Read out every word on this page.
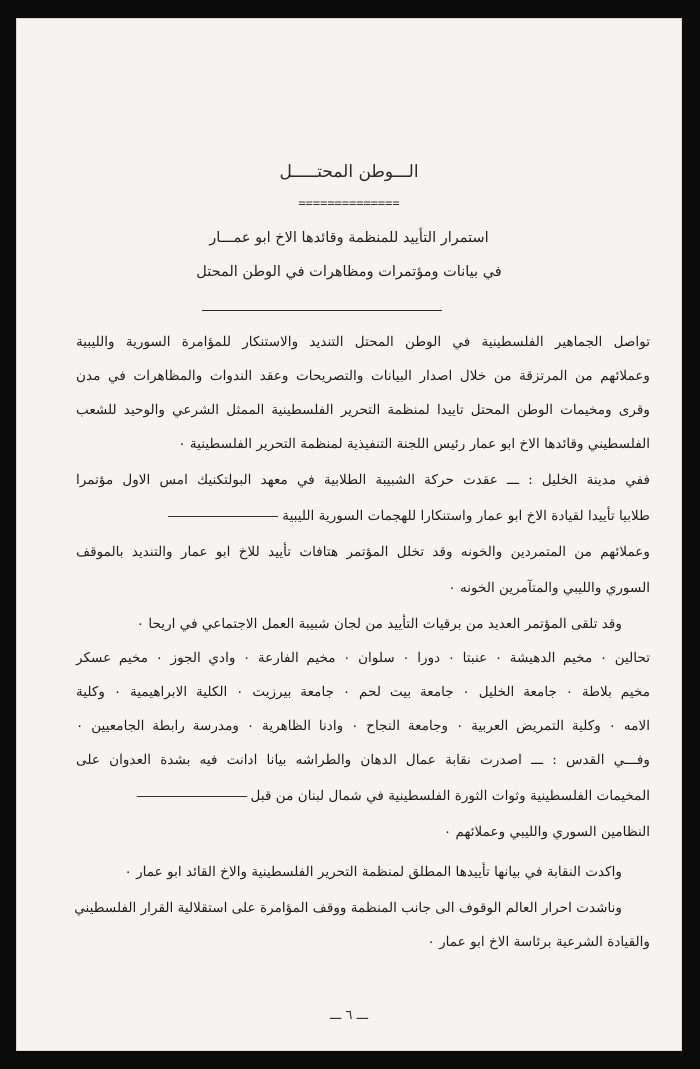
الـــوطن المحتـــــل
==============
استمرار التأييد للمنظمة وقائدها الاخ ابو عمـــار
في بيانات ومؤتمرات ومظاهرات في الوطن المحتل
تواصل الجماهير الفلسطينية في الوطن المحتل التنديد والاستنكار للمؤامرة السورية والليبية
وعملائهم من المرتزقة من خلال اصدار البيانات والتصريحات وعقد الندوات والمظاهرات في مدن
وقرى ومخيمات الوطن المحتل تاييدا لمنظمة التحرير الفلسطينية الممثل الشرعي والوحيد للشعب
الفلسطيني وقائدها الاخ ابو عمار رئيس اللجنة التنفيذية لمنظمة التحرير الفلسطينية ٠
ففي مدينة الخليل : ـــ عقدت حركة الشبيبة الطلابية في معهد البولتكنيك امس الاول مؤتمرا
طلابيا تأييدا لقيادة الاخ ابو عمار واستنكارا للهجمات السورية الليبية
وعملائهم من المتمردين والخونه وقد تخلل المؤتمر هتافات تأييد للاخ ابو عمار والتنديد بالموقف
السوري والليبي والمتآمرين الخونه ٠
وقد تلقى المؤتمر العديد من برقيات التأييد من لجان شبيبة العمل الاجتماعي في اريحا ٠
تحالين ٠ مخيم الدهيشة ٠ عنبتا ٠ دورا ٠ سلوان ٠ مخيم الفارعة ٠ وادي الجوز ٠ مخيم عسكر
مخيم بلاطة ٠ جامعة الخليل ٠ جامعة بيت لحم ٠ جامعة بيرزيت ٠ الكلية الابراهيمية ٠ وكلية
الامه ٠ وكلية التمريض العربية ٠ وجامعة النجاح ٠ وادنا الظاهرية ٠ ومدرسة رابطة الجامعيين ٠
وفـــي القدس : ـــ اصدرت نقابة عمال الدهان والطراشه بيانا ادانت فيه بشدة العدوان على
المخيمات الفلسطينية وثوات الثورة الفلسطينية في شمال لبنان من قبل
النظامين السوري والليبي وعملائهم ٠
واكدت النقابة في بيانها تأييدها المطلق لمنظمة التحرير الفلسطينية والاخ القائد ابو عمار ٠
وناشدت احرار العالم الوقوف الى جانب المنظمة ووقف المؤامرة على استقلالية القرار الفلسطيني
والقيادة الشرعية برئاسة الاخ ابو عمار ٠
ـــ ٦ ـــ
